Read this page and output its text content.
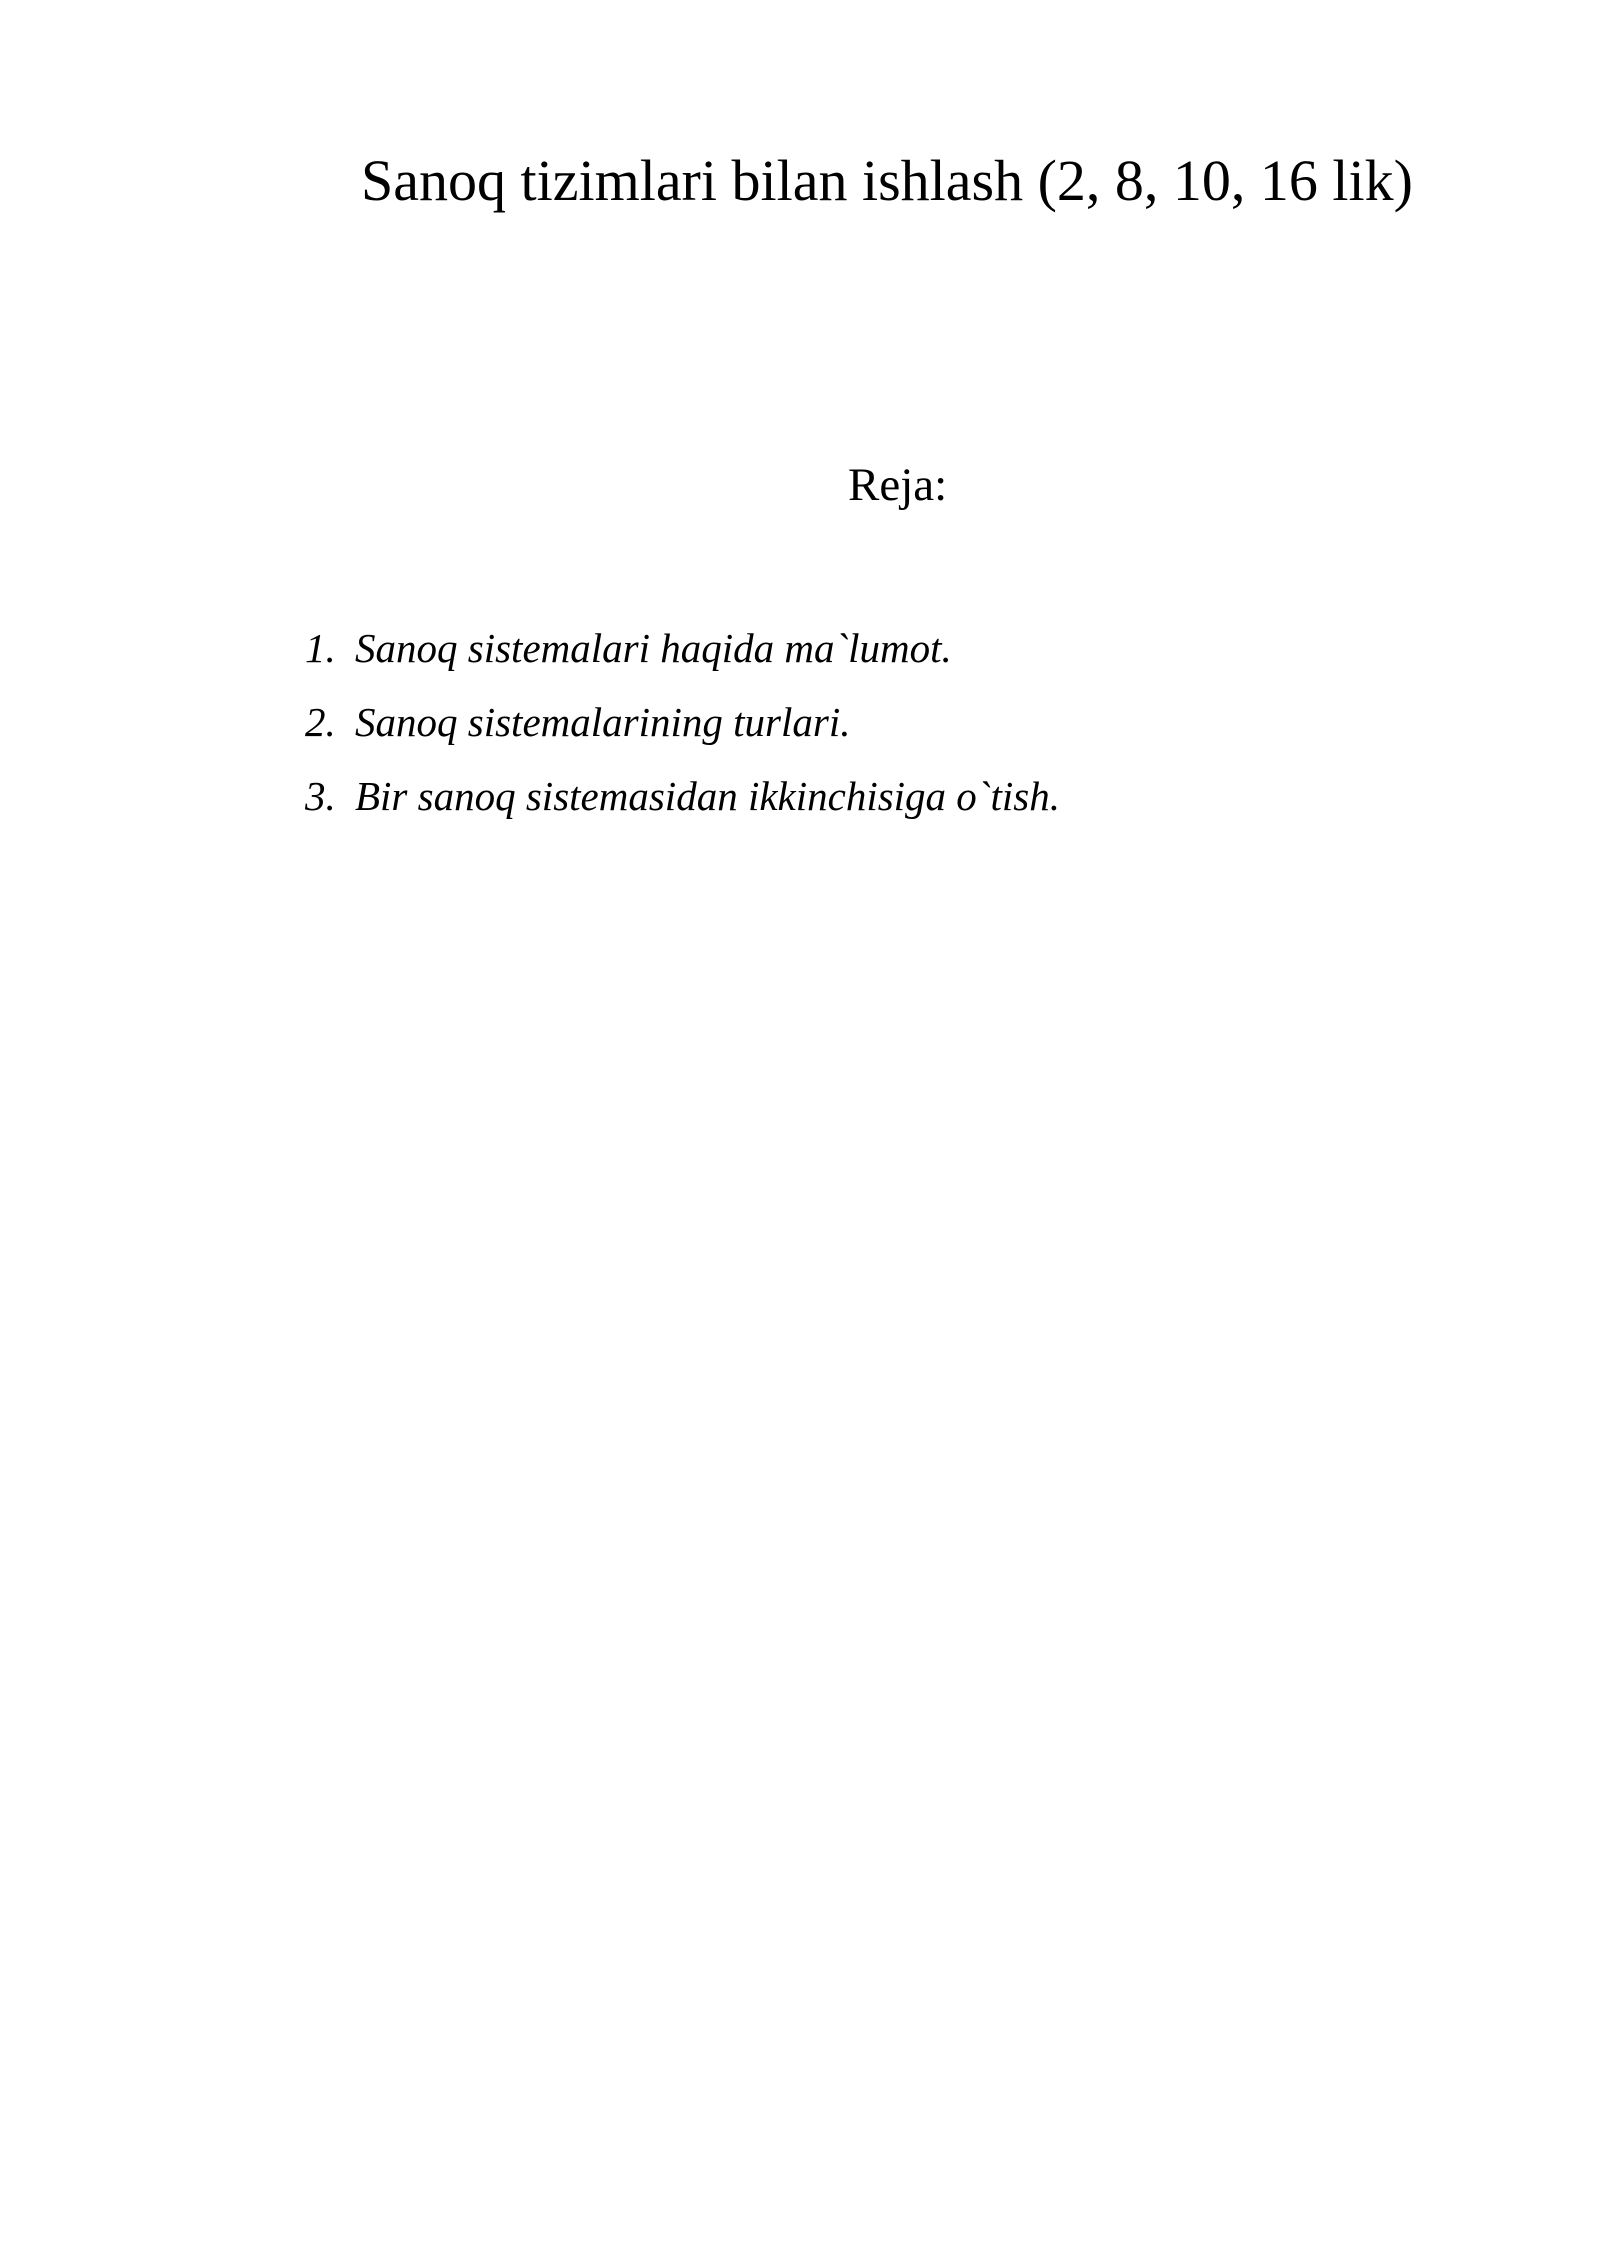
Sanoq tizimlari bilan ishlash (2, 8, 10, 16 lik)
Reja:
1. Sanoq sistemalari haqida ma`lumot.
2. Sanoq sistemalarining turlari.
3. Bir sanoq sistemasidan ikkinchisiga o`tish.
